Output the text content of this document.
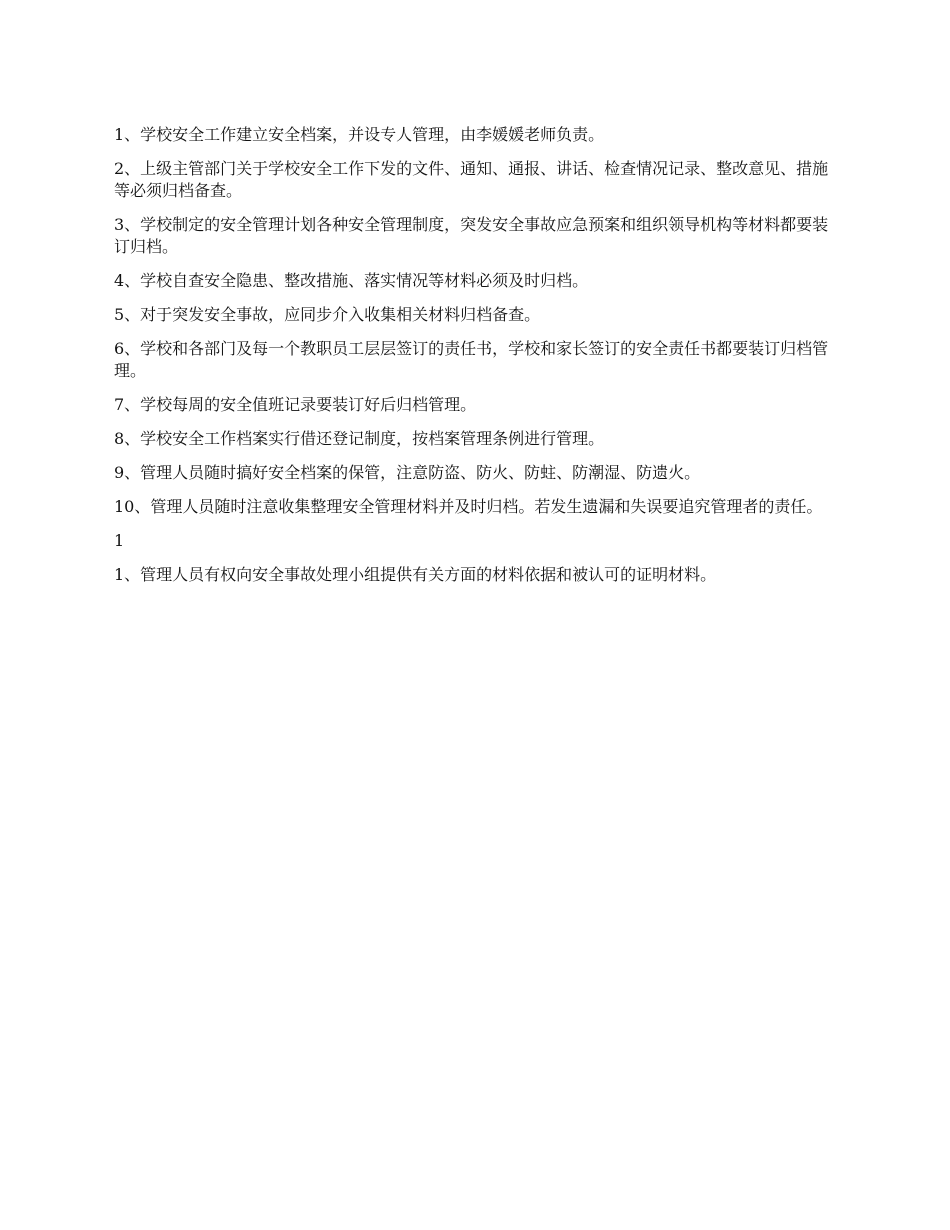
1、学校安全工作建立安全档案，并设专人管理，由李媛媛老师负责。

2、上级主管部门关于学校安全工作下发的文件、通知、通报、讲话、检查情况记录、整改意见、措施等必须归档备查。

3、学校制定的安全管理计划各种安全管理制度，突发安全事故应急预案和组织领导机构等材料都要装订归档。

4、学校自查安全隐患、整改措施、落实情况等材料必须及时归档。

5、对于突发安全事故，应同步介入收集相关材料归档备查。

6、学校和各部门及每一个教职员工层层签订的责任书，学校和家长签订的安全责任书都要装订归档管理。

7、学校每周的安全值班记录要装订好后归档管理。

8、学校安全工作档案实行借还登记制度，按档案管理条例进行管理。

9、管理人员随时搞好安全档案的保管，注意防盗、防火、防蛀、防潮湿、防遗火。

10、管理人员随时注意收集整理安全管理材料并及时归档。若发生遗漏和失误要追究管理者的责任。

1

1、管理人员有权向安全事故处理小组提供有关方面的材料依据和被认可的证明材料。
